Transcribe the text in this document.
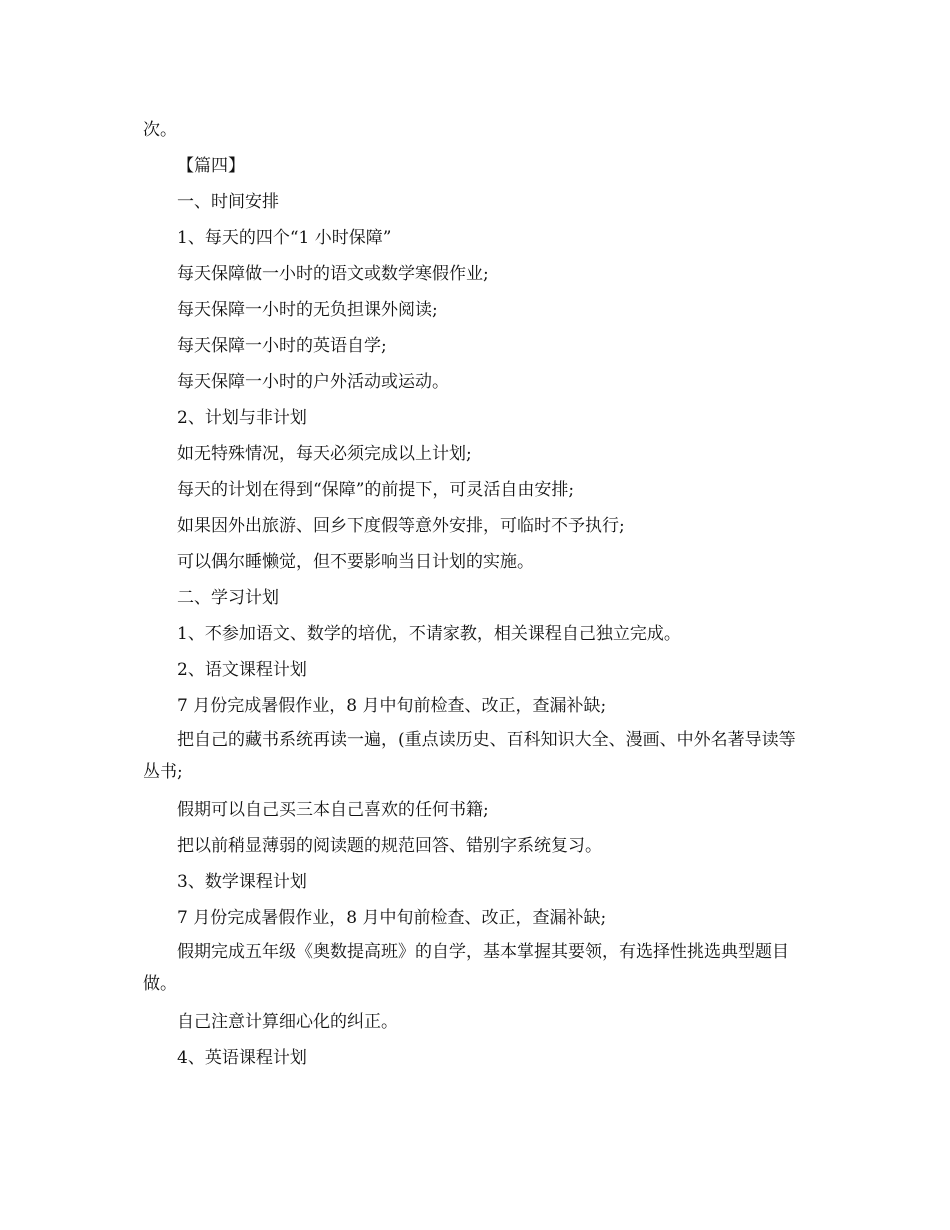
次。

【篇四】

一、时间安排

1、每天的四个“1 小时保障”

每天保障做一小时的语文或数学寒假作业;

每天保障一小时的无负担课外阅读;

每天保障一小时的英语自学;

每天保障一小时的户外活动或运动。

2、计划与非计划

如无特殊情况，每天必须完成以上计划;

每天的计划在得到“保障”的前提下，可灵活自由安排;

如果因外出旅游、回乡下度假等意外安排，可临时不予执行;

可以偶尔睡懒觉，但不要影响当日计划的实施。

二、学习计划

1、不参加语文、数学的培优，不请家教，相关课程自己独立完成。

2、语文课程计划

7 月份完成暑假作业，8 月中旬前检查、改正，查漏补缺;

把自己的藏书系统再读一遍，(重点读历史、百科知识大全、漫画、中外名著导读等丛书;

假期可以自己买三本自己喜欢的任何书籍;

把以前稍显薄弱的阅读题的规范回答、错别字系统复习。

3、数学课程计划

7 月份完成暑假作业，8 月中旬前检查、改正，查漏补缺;

假期完成五年级《奥数提高班》的自学，基本掌握其要领，有选择性挑选典型题目做。

自己注意计算细心化的纠正。

4、英语课程计划
